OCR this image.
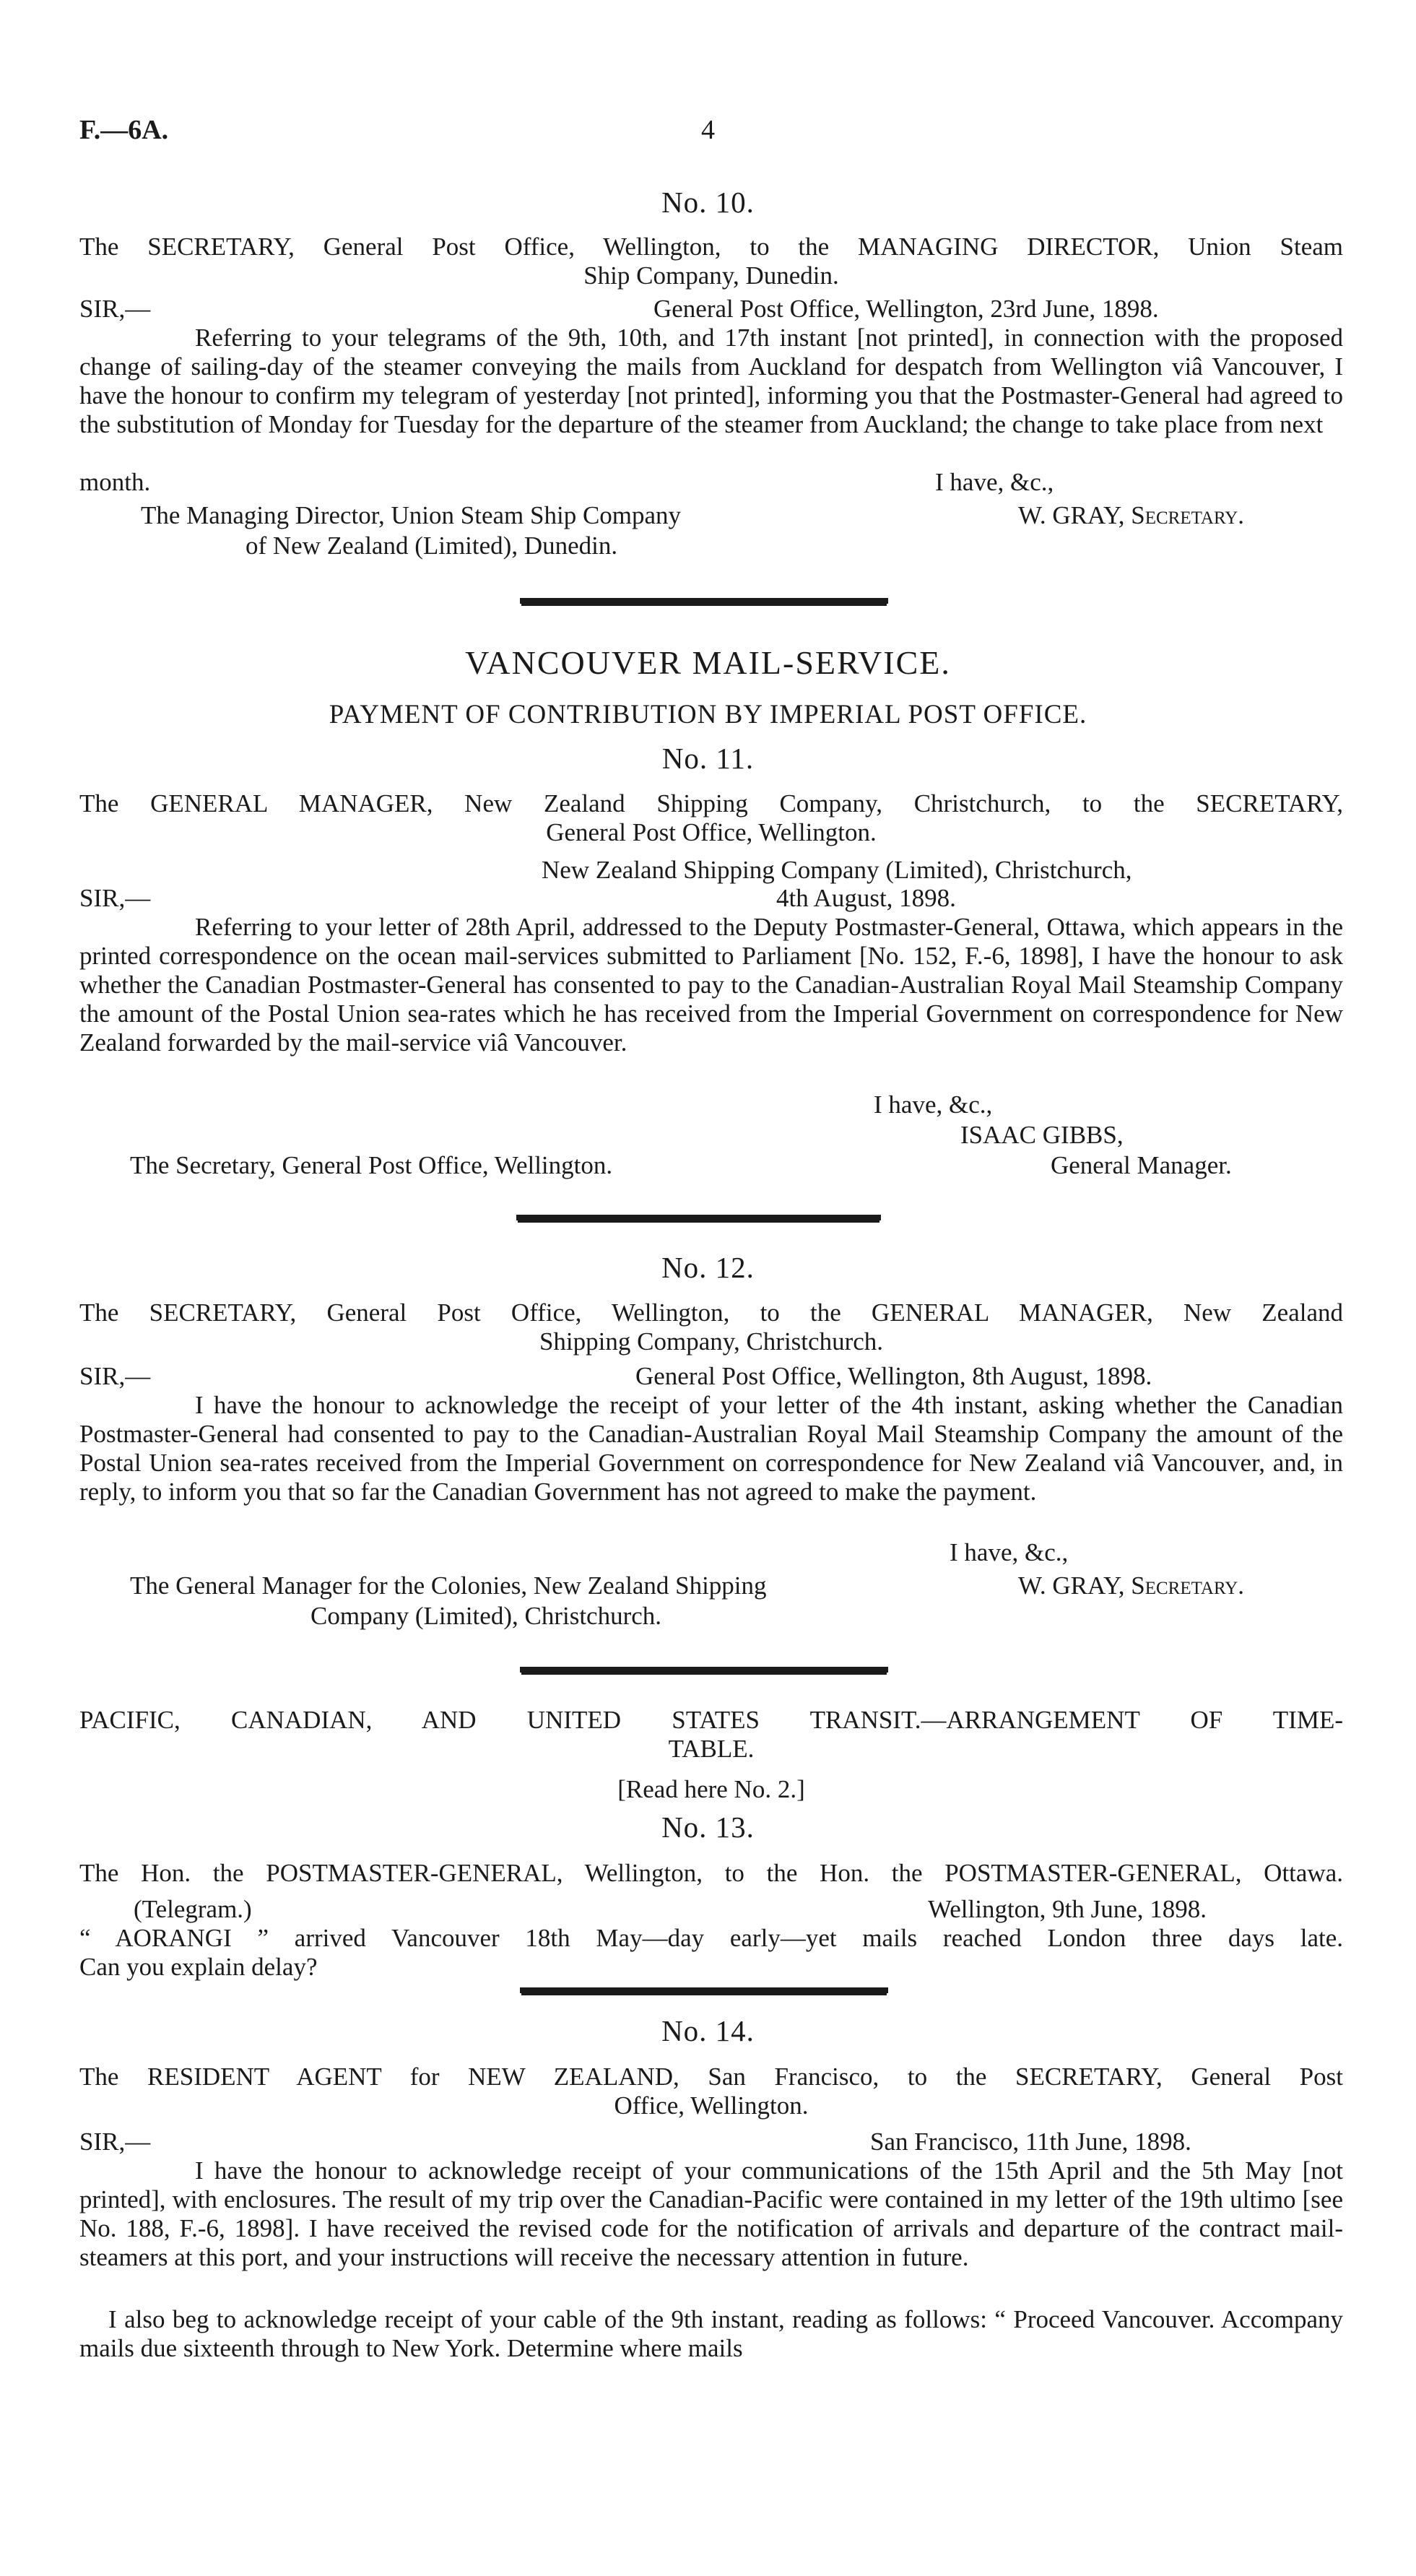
F.—6A.	4
No. 10.
The SECRETARY, General Post Office, Wellington, to the MANAGING DIRECTOR, Union Steam
Ship Company, Dunedin.
SIR,—	General Post Office, Wellington, 23rd June, 1898.
Referring to your telegrams of the 9th, 10th, and 17th instant [not printed], in connection with the proposed change of sailing-day of the steamer conveying the mails from Auckland for despatch from Wellington viâ Vancouver, I have the honour to confirm my telegram of yesterday [not printed], informing you that the Postmaster-General had agreed to the substitution of Monday for Tuesday for the departure of the steamer from Auckland; the change to take place from next
month.	I have, &c.,
The Managing Director, Union Steam Ship Company
of New Zealand (Limited), Dunedin.
W. GRAY, Secretary.
VANCOUVER MAIL-SERVICE.
PAYMENT OF CONTRIBUTION BY IMPERIAL POST OFFICE.
No. 11.
The GENERAL MANAGER, New Zealand Shipping Company, Christchurch, to the SECRETARY,
General Post Office, Wellington.
New Zealand Shipping Company (Limited), Christchurch,
SIR,—	4th August, 1898.
Referring to your letter of 28th April, addressed to the Deputy Postmaster-General, Ottawa, which appears in the printed correspondence on the ocean mail-services submitted to Parliament [No. 152, F.-6, 1898], I have the honour to ask whether the Canadian Postmaster-General has consented to pay to the Canadian-Australian Royal Mail Steamship Company the amount of the Postal Union sea-rates which he has received from the Imperial Government on correspondence for New Zealand forwarded by the mail-service viâ Vancouver.
I have, &c.,
ISAAC GIBBS,
The Secretary, General Post Office, Wellington.	General Manager.
No. 12.
The SECRETARY, General Post Office, Wellington, to the GENERAL MANAGER, New Zealand
Shipping Company, Christchurch.
SIR,—	General Post Office, Wellington, 8th August, 1898.
I have the honour to acknowledge the receipt of your letter of the 4th instant, asking whether the Canadian Postmaster-General had consented to pay to the Canadian-Australian Royal Mail Steamship Company the amount of the Postal Union sea-rates received from the Imperial Government on correspondence for New Zealand viâ Vancouver, and, in reply, to inform you that so far the Canadian Government has not agreed to make the payment.
I have, &c.,
The General Manager for the Colonies, New Zealand Shipping
Company (Limited), Christchurch.
W. GRAY, Secretary.
PACIFIC, CANADIAN, AND UNITED STATES TRANSIT.—ARRANGEMENT OF TIME-
TABLE.
[Read here No. 2.]
No. 13.
The Hon. the POSTMASTER-GENERAL, Wellington, to the Hon. the POSTMASTER-GENERAL, Ottawa.
(Telegram.)	Wellington, 9th June, 1898.
“ AORANGI ” arrived Vancouver 18th May—day early—yet mails reached London three days late.
Can you explain delay?
No. 14.
The RESIDENT AGENT for NEW ZEALAND, San Francisco, to the SECRETARY, General Post
Office, Wellington.
SIR,—	San Francisco, 11th June, 1898.
I have the honour to acknowledge receipt of your communications of the 15th April and the 5th May [not printed], with enclosures. The result of my trip over the Canadian-Pacific were contained in my letter of the 19th ultimo [see No. 188, F.-6, 1898]. I have received the revised code for the notification of arrivals and departure of the contract mail-steamers at this port, and your instructions will receive the necessary attention in future.
I also beg to acknowledge receipt of your cable of the 9th instant, reading as follows: “ Proceed Vancouver. Accompany mails due sixteenth through to New York. Determine where mails
